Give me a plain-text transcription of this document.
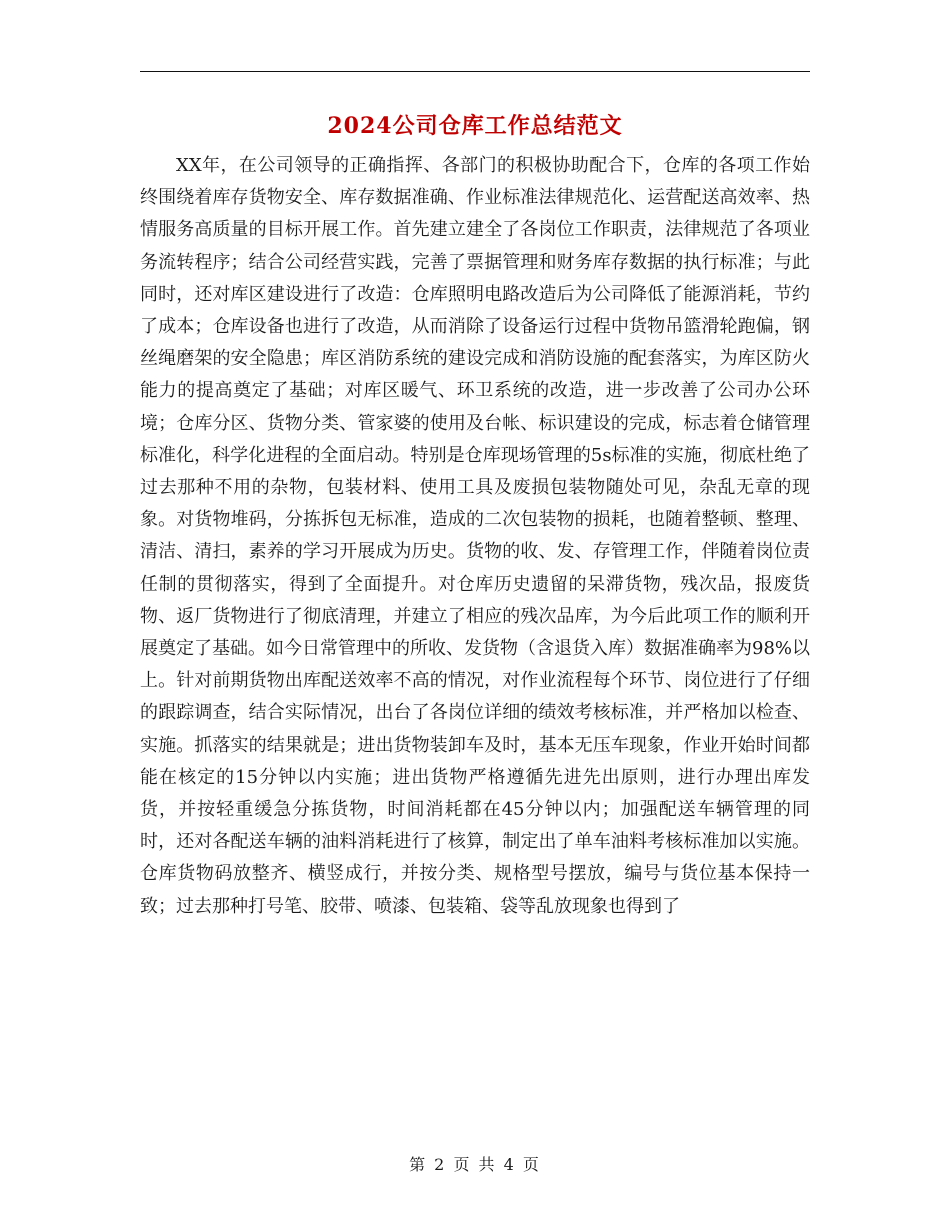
2024公司仓库工作总结范文

XX年，在公司领导的正确指挥、各部门的积极协助配合下，仓库的各项工作始终围绕着库存货物安全、库存数据准确、作业标准法律规范化、运营配送高效率、热情服务高质量的目标开展工作。首先建立建全了各岗位工作职责，法律规范了各项业务流转程序；结合公司经营实践，完善了票据管理和财务库存数据的执行标准；与此同时，还对库区建设进行了改造：仓库照明电路改造后为公司降低了能源消耗，节约了成本；仓库设备也进行了改造，从而消除了设备运行过程中货物吊篮滑轮跑偏，钢丝绳磨架的安全隐患；库区消防系统的建设完成和消防设施的配套落实，为库区防火能力的提高奠定了基础；对库区暖气、环卫系统的改造，进一步改善了公司办公环境；仓库分区、货物分类、管家婆的使用及台帐、标识建设的完成，标志着仓储管理标准化，科学化进程的全面启动。特别是仓库现场管理的5s标准的实施，彻底杜绝了过去那种不用的杂物，包装材料、使用工具及废损包装物随处可见，杂乱无章的现象。对货物堆码，分拣拆包无标准，造成的二次包装物的损耗，也随着整顿、整理、清洁、清扫，素养的学习开展成为历史。货物的收、发、存管理工作，伴随着岗位责任制的贯彻落实，得到了全面提升。对仓库历史遗留的呆滞货物，残次品，报废货物、返厂货物进行了彻底清理，并建立了相应的残次品库，为今后此项工作的顺利开展奠定了基础。如今日常管理中的所收、发货物（含退货入库）数据准确率为98%以上。针对前期货物出库配送效率不高的情况，对作业流程每个环节、岗位进行了仔细的跟踪调查，结合实际情况，出台了各岗位详细的绩效考核标准，并严格加以检查、实施。抓落实的结果就是；进出货物装卸车及时，基本无压车现象，作业开始时间都能在核定的15分钟以内实施；进出货物严格遵循先进先出原则，进行办理出库发货，并按轻重缓急分拣货物，时间消耗都在45分钟以内；加强配送车辆管理的同时，还对各配送车辆的油料消耗进行了核算，制定出了单车油料考核标准加以实施。仓库货物码放整齐、横竖成行，并按分类、规格型号摆放，编号与货位基本保持一致；过去那种打号笔、胶带、喷漆、包装箱、袋等乱放现象也得到了

第 2 页 共 4 页
